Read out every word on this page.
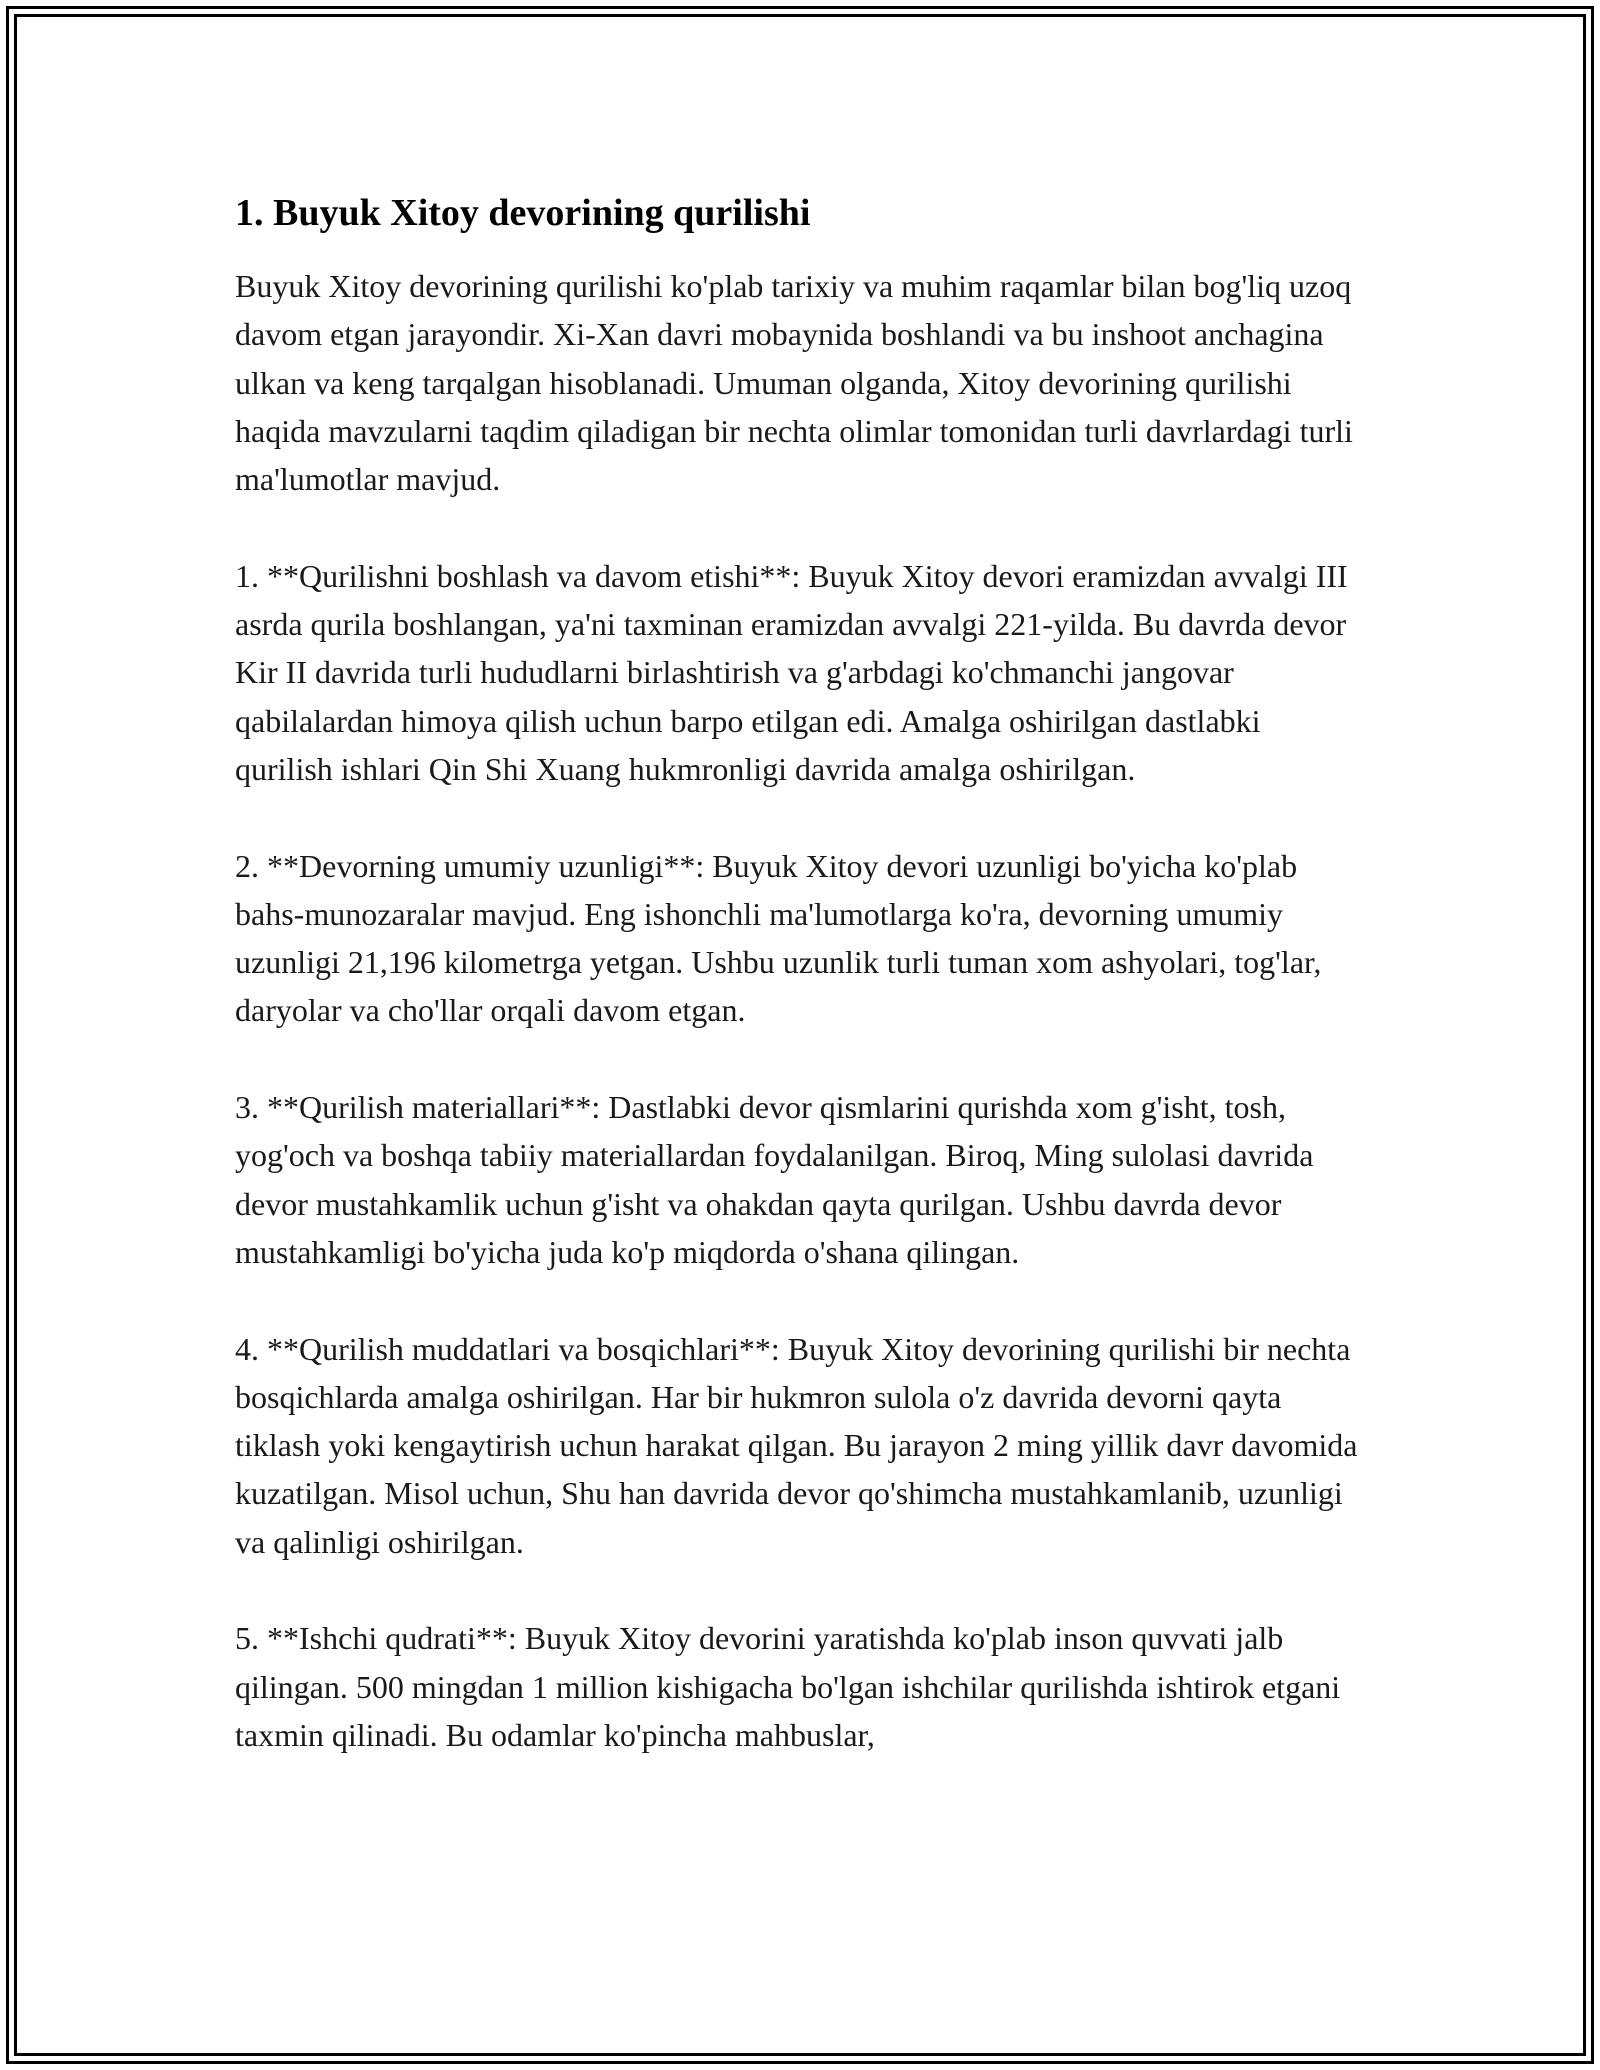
1. Buyuk Xitoy devorining qurilishi

Buyuk Xitoy devorining qurilishi ko'plab tarixiy va muhim raqamlar bilan bog'liq uzoq davom etgan jarayondir. Xi-Xan davri mobaynida boshlandi va bu inshoot anchagina ulkan va keng tarqalgan hisoblanadi. Umuman olganda, Xitoy devorining qurilishi haqida mavzularni taqdim qiladigan bir nechta olimlar tomonidan turli davrlardagi turli ma'lumotlar mavjud.

1. **Qurilishni boshlash va davom etishi**: Buyuk Xitoy devori eramizdan avvalgi III asrda qurila boshlangan, ya'ni taxminan eramizdan avvalgi 221-yilda. Bu davrda devor Kir II davrida turli hududlarni birlashtirish va g'arbdagi ko'chmanchi jangovar qabilalardan himoya qilish uchun barpo etilgan edi. Amalga oshirilgan dastlabki qurilish ishlari Qin Shi Xuang hukmronligi davrida amalga oshirilgan.

2. **Devorning umumiy uzunligi**: Buyuk Xitoy devori uzunligi bo'yicha ko'plab bahs-munozaralar mavjud. Eng ishonchli ma'lumotlarga ko'ra, devorning umumiy uzunligi 21,196 kilometrga yetgan. Ushbu uzunlik turli tuman xom ashyolari, tog'lar, daryolar va cho'llar orqali davom etgan.

3. **Qurilish materiallari**: Dastlabki devor qismlarini qurishda xom g'isht, tosh, yog'och va boshqa tabiiy materiallardan foydalanilgan. Biroq, Ming sulolasi davrida devor mustahkamlik uchun g'isht va ohakdan qayta qurilgan. Ushbu davrda devor mustahkamligi bo'yicha juda ko'p miqdorda o'shana qilingan.

4. **Qurilish muddatlari va bosqichlari**: Buyuk Xitoy devorining qurilishi bir nechta bosqichlarda amalga oshirilgan. Har bir hukmron sulola o'z davrida devorni qayta tiklash yoki kengaytirish uchun harakat qilgan. Bu jarayon 2 ming yillik davr davomida kuzatilgan. Misol uchun, Shu han davrida devor qo'shimcha mustahkamlanib, uzunligi va qalinligi oshirilgan.

5. **Ishchi qudrati**: Buyuk Xitoy devorini yaratishda ko'plab inson quvvati jalb qilingan. 500 mingdan 1 million kishigacha bo'lgan ishchilar qurilishda ishtirok etgani taxmin qilinadi. Bu odamlar ko'pincha mahbuslar,
